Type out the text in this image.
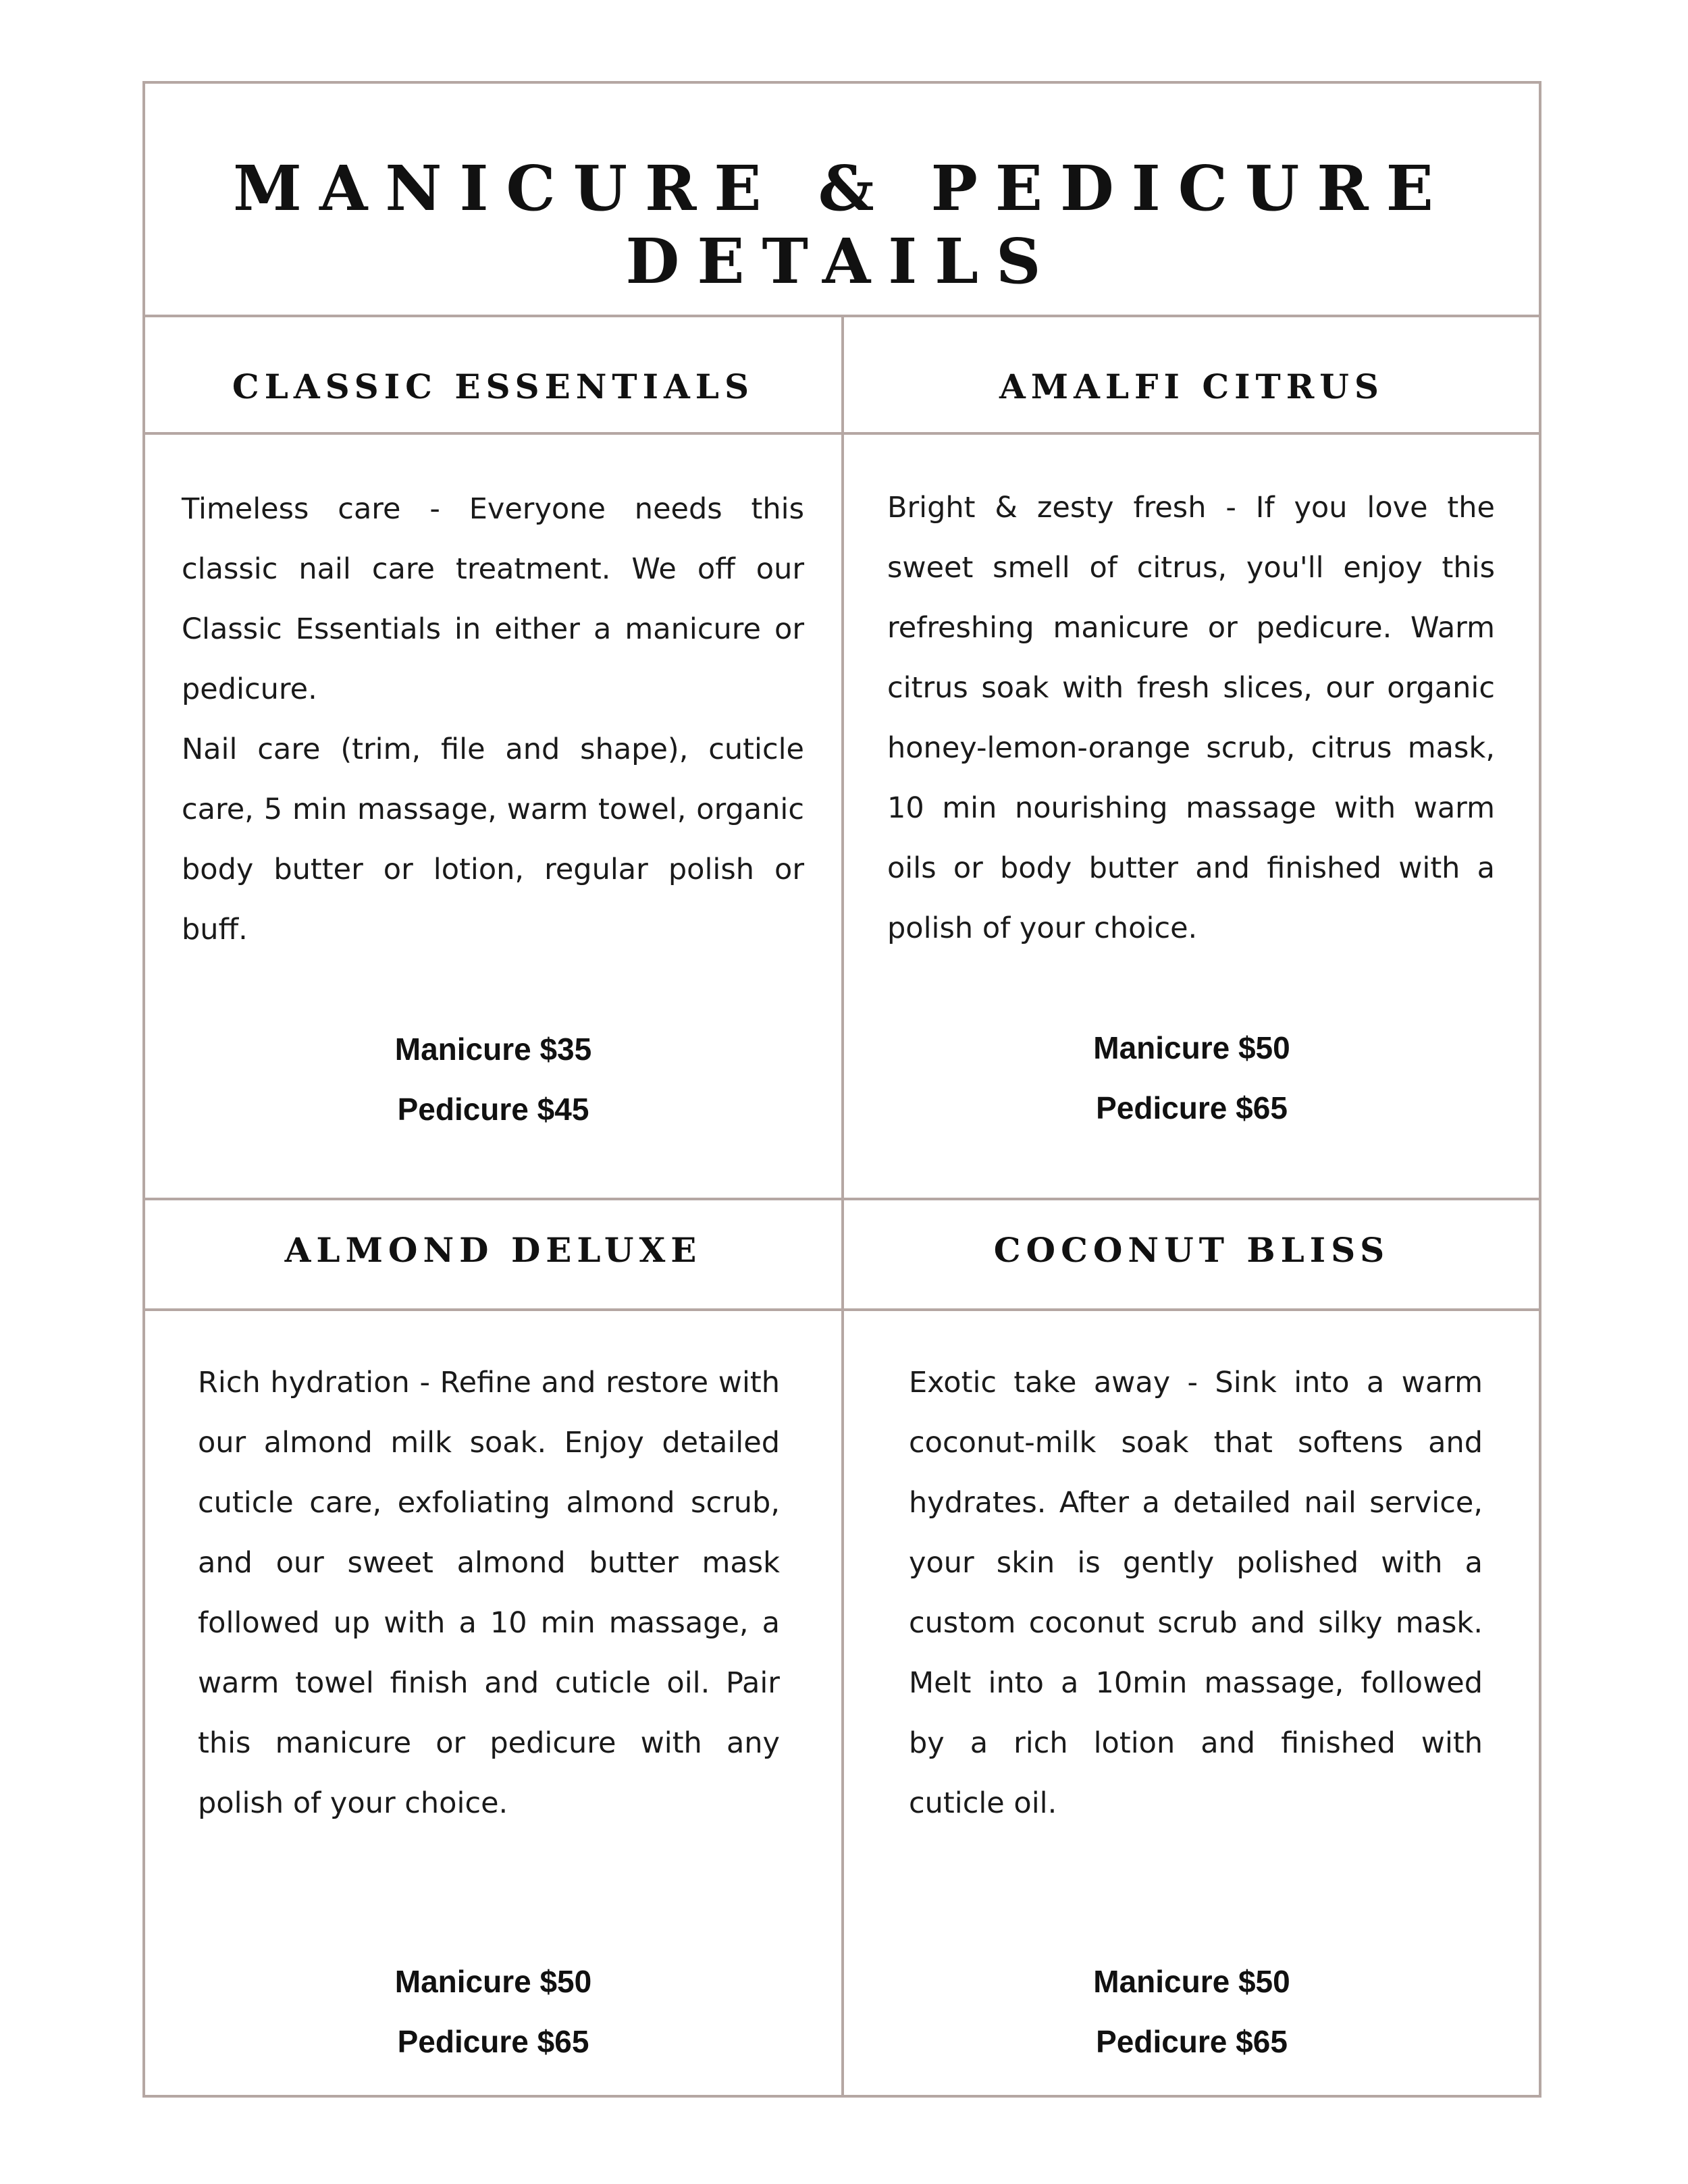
MANICURE & PEDICURE DETAILS
CLASSIC ESSENTIALS

Timeless care - Everyone needs this classic nail care treatment. We off our Classic Essentials in either a manicure or pedicure.

Nail care (trim, file and shape), cuticle care, 5 min massage, warm towel, organic body butter or lotion, regular polish or buff.

Manicure $35
Pedicure $45
AMALFI CITRUS

Bright & zesty fresh - If you love the sweet smell of citrus, you'll enjoy this refreshing manicure or pedicure. Warm citrus soak with fresh slices, our organic honey-lemon-orange scrub, citrus mask, 10 min nourishing massage with warm oils or body butter and finished with a polish of your choice.

Manicure $50
Pedicure $65
ALMOND DELUXE

Rich hydration - Refine and restore with our almond milk soak. Enjoy detailed cuticle care, exfoliating almond scrub, and our sweet almond butter mask followed up with a 10 min massage, a warm towel finish and cuticle oil. Pair this manicure or pedicure with any polish of your choice.

Manicure $50
Pedicure $65
COCONUT BLISS

Exotic take away - Sink into a warm coconut-milk soak that softens and hydrates. After a detailed nail service, your skin is gently polished with a custom coconut scrub and silky mask. Melt into a 10min massage, followed by a rich lotion and finished with cuticle oil.

Manicure $50
Pedicure $65
